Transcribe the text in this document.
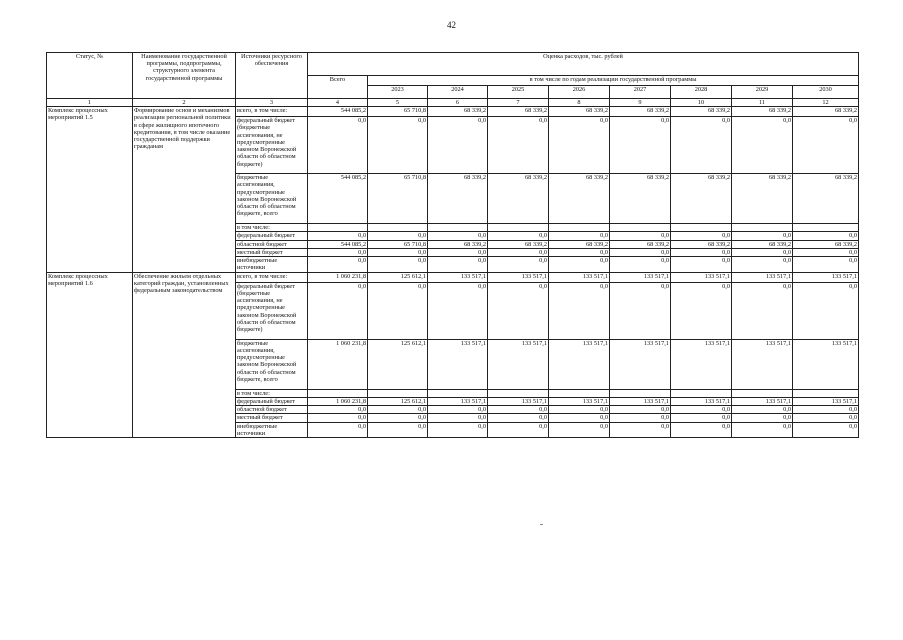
42
Статус, №	Наименование государственной программы, подпрограммы, структурного элемента государственной программы	Источники ресурсного обеспечения	Оценка расходов, тыс. рублей								
			Всего	в том числе по годам реализации государственной программы							
				2023	2024	2025	2026	2027	2028	2029	2030
1	2	3	4	5	6	7	8	9	10	11	12
Комплекс процессных мероприятий 1.5	Формирование основ и механизмов реализации региональной политики в сфере жилищного ипотечного кредитования, в том числе оказание государственной поддержки гражданам	всего, в том числе:	544 085,2	65 710,8	68 339,2	68 339,2	68 339,2	68 339,2	68 339,2	68 339,2	68 339,2
		федеральный бюджет (бюджетные ассигнования, не предусмотренные законом Воронежской области об областном бюджете)	0,0	0,0	0,0	0,0	0,0	0,0	0,0	0,0	0,0
		бюджетные ассигнования, предусмотренные законом Воронежской области об областном бюджете, всего	544 085,2	65 710,8	68 339,2	68 339,2	68 339,2	68 339,2	68 339,2	68 339,2	68 339,2
		в том числе:									
		федеральный бюджет	0,0	0,0	0,0	0,0	0,0	0,0	0,0	0,0	0,0
		областной бюджет	544 085,2	65 710,8	68 339,2	68 339,2	68 339,2	68 339,2	68 339,2	68 339,2	68 339,2
		местный бюджет	0,0	0,0	0,0	0,0	0,0	0,0	0,0	0,0	0,0
		внебюджетные источники	0,0	0,0	0,0	0,0	0,0	0,0	0,0	0,0	0,0
Комплекс процессных мероприятий 1.6	Обеспечение жильем отдельных категорий граждан, установленных федеральным законодательством	всего, в том числе:	1 060 231,8	125 612,1	133 517,1	133 517,1	133 517,1	133 517,1	133 517,1	133 517,1	133 517,1
		федеральный бюджет (бюджетные ассигнования, не предусмотренные законом Воронежской области об областном бюджете)	0,0	0,0	0,0	0,0	0,0	0,0	0,0	0,0	0,0
		бюджетные ассигнования, предусмотренные законом Воронежской области об областном бюджете, всего	1 060 231,8	125 612,1	133 517,1	133 517,1	133 517,1	133 517,1	133 517,1	133 517,1	133 517,1
		в том числе:									
		федеральный бюджет	1 060 231,8	125 612,1	133 517,1	133 517,1	133 517,1	133 517,1	133 517,1	133 517,1	133 517,1
		областной бюджет	0,0	0,0	0,0	0,0	0,0	0,0	0,0	0,0	0,0
		местный бюджет	0,0	0,0	0,0	0,0	0,0	0,0	0,0	0,0	0,0
		внебюджетные источники	0,0	0,0	0,0	0,0	0,0	0,0	0,0	0,0	0,0
